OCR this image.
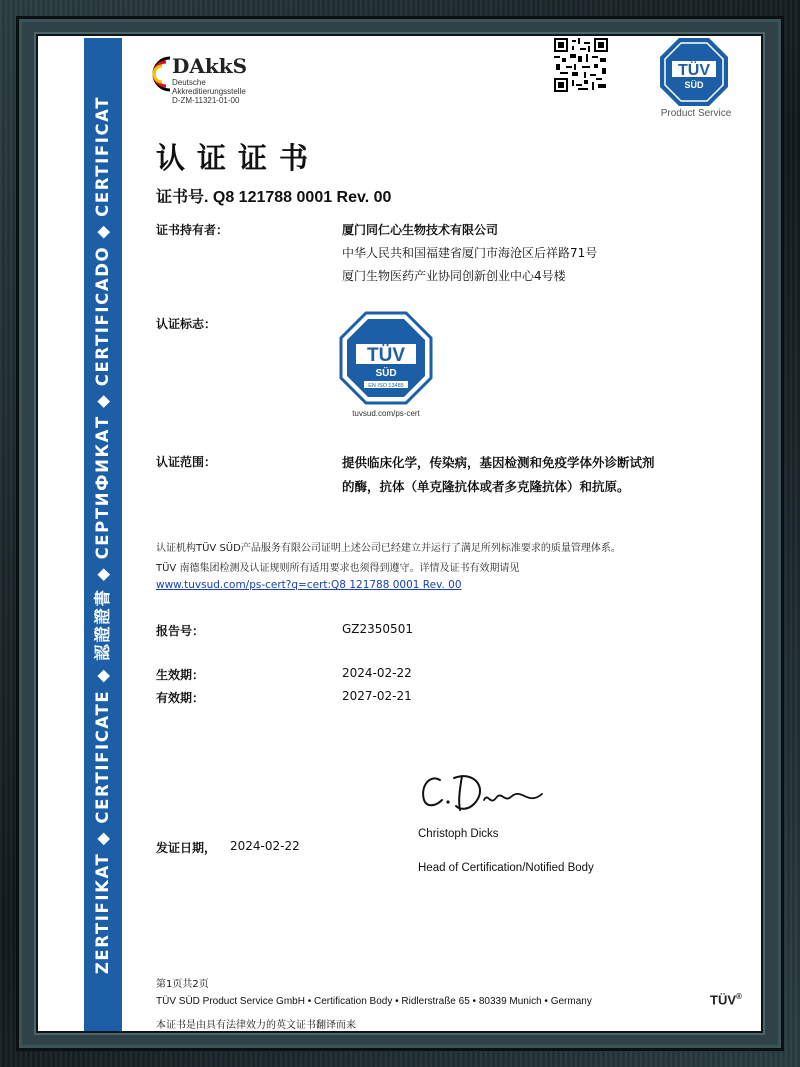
ZERTIFIKAT ◆ CERTIFICATE ◆ 認證證書 ◆ СЕРТИФИКАТ ◆ CERTIFICADO ◆ CERTIFICAT
DAkkS
Deutsche
Akkreditierungsstelle
D-ZM-11321-01-00
TÜV
SÜD
Product Service
认证证书
证书号. Q8 121788 0001 Rev. 00
证书持有者：	厦门同仁心生物技术有限公司
中华人民共和国福建省厦门市海沧区后祥路71号
厦门生物医药产业协同创新创业中心4号楼
认证标志：
TÜV
SÜD
EN ISO 13485
tuvsud.com/ps-cert
认证范围：	提供临床化学，传染病，基因检测和免疫学体外诊断试剂
的酶，抗体（单克隆抗体或者多克隆抗体）和抗原。
认证机构TÜV SÜD产品服务有限公司证明上述公司已经建立并运行了满足所列标准要求的质量管理体系。
TÜV 南德集团检测及认证规则所有适用要求也须得到遵守。详情及证书有效期请见
www.tuvsud.com/ps-cert?q=cert:Q8 121788 0001 Rev. 00
报告号：	GZ2350501
生效期：	2024-02-22
有效期：	2027-02-21
Christoph Dicks
Head of Certification/Notified Body
发证日期， 2024-02-22
第1页共2页
TÜV SÜD Product Service GmbH • Certification Body • Ridlerstraße 65 • 80339 Munich • Germany
本证书是由具有法律效力的英文证书翻译而来
TÜV®
